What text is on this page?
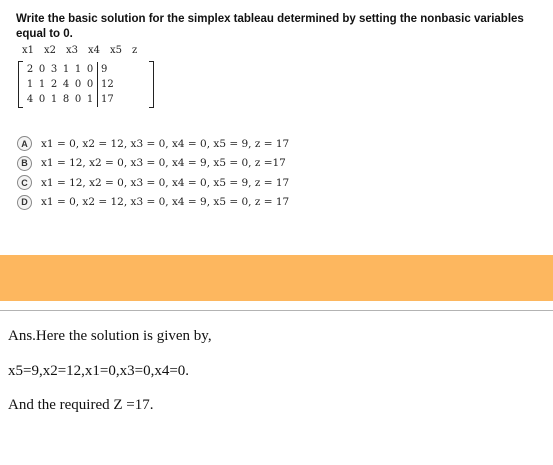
Write the basic solution for the simplex tableau determined by setting the nonbasic variables equal to 0.
x1 x2 x3 x4 x5 z
2 0 3 1 1 0 9
1 1 2 4 0 0 12
4 0 1 8 0 1 17
A	x1 = 0, x2 = 12, x3 = 0, x4 = 0, x5 = 9, z = 17
B	x1 = 12, x2 = 0, x3 = 0, x4 = 9, x5 = 0, z =17
C	x1 = 12, x2 = 0, x3 = 0, x4 = 0, x5 = 9, z = 17
D	x1 = 0, x2 = 12, x3 = 0, x4 = 9, x5 = 0, z = 17
Ans.Here the solution is given by,
x5=9,x2=12,x1=0,x3=0,x4=0.
And the required Z =17.
